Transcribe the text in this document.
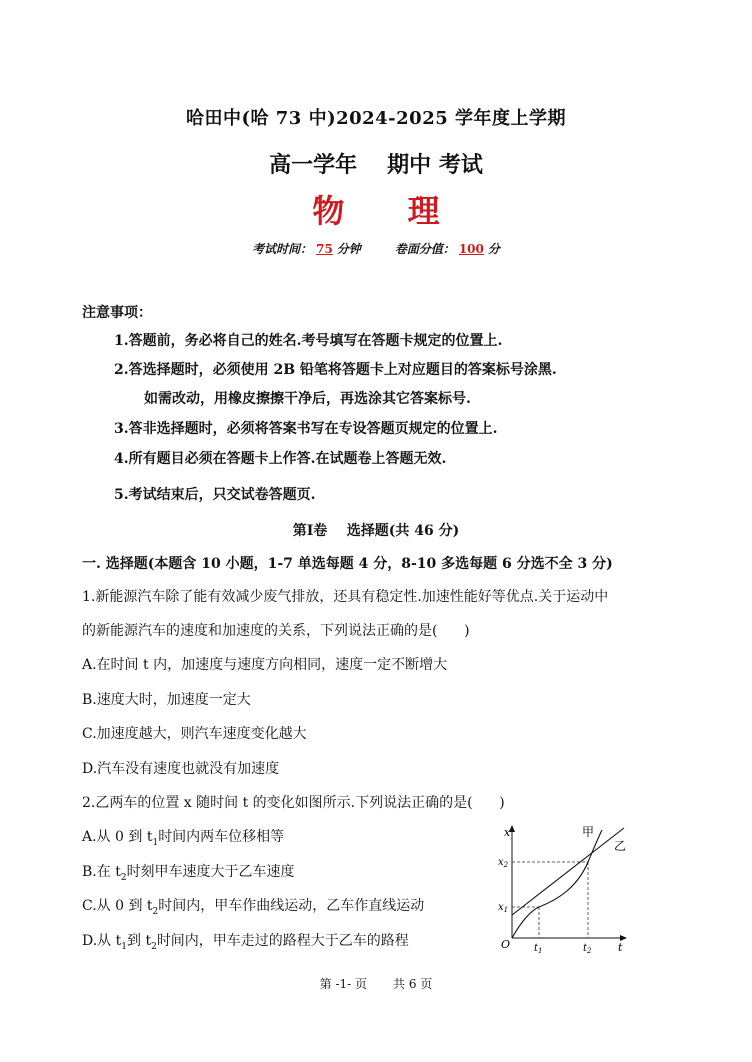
哈田中(哈 73 中)2024-2025 学年度上学期
高一学年 期中 考试
物 理
考试时间： 75 分钟	卷面分值： 100 分
注意事项：
1.答题前，务必将自己的姓名.考号填写在答题卡规定的位置上.
2.答选择题时，必须使用 2B 铅笔将答题卡上对应题目的答案标号涂黑.
如需改动，用橡皮擦擦干净后，再选涂其它答案标号.
3.答非选择题时，必须将答案书写在专设答题页规定的位置上.
4.所有题目必须在答题卡上作答.在试题卷上答题无效.
5.考试结束后，只交试卷答题页.
第Ⅰ卷    选择题(共 46 分)
一. 选择题(本题含 10 小题，1-7 单选每题 4 分，8-10 多选每题 6 分选不全 3 分)
1.新能源汽车除了能有效减少废气排放，还具有稳定性.加速性能好等优点.关于运动中
的新能源汽车的速度和加速度的关系，下列说法正确的是(      )
A.在时间 t 内，加速度与速度方向相同，速度一定不断增大
B.速度大时，加速度一定大
C.加速度越大，则汽车速度变化越大
D.汽车没有速度也就没有加速度
2.乙两车的位置 x 随时间 t 的变化如图所示.下列说法正确的是(      )
A.从 0 到 $t_1$时间内两车位移相等
B.在 $t_2$时刻甲车速度大于乙车速度
C.从 0 到 $t_2$时间内，甲车作曲线运动，乙车作直线运动
D.从 $t_1$到 $t_2$时间内，甲车走过的路程大于乙车的路程
x
t
O $t_1$	$t_2$
$x_1$
$x_2$
甲
乙
第 -1- 页 共 6 页
